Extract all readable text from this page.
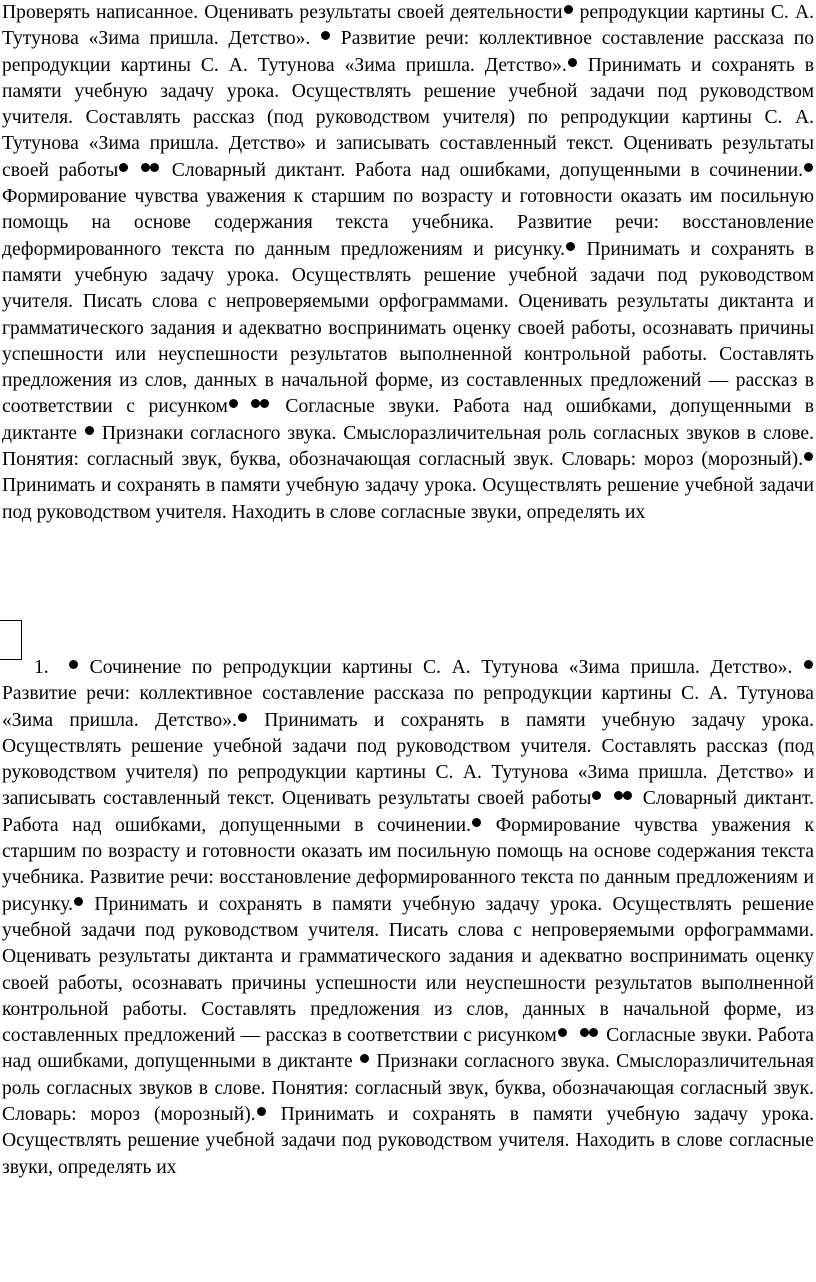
Проверять написанное. Оценивать результаты своей деятельности репродукции картины С. А. Тутунова «Зима пришла. Детство».  Развитие речи: коллективное составление рассказа по репродукции картины С. А. Тутунова «Зима пришла. Детство». Принимать и сохранять в памяти учебную задачу урока. Осуществлять решение учебной задачи под руководством учителя. Составлять рассказ (под руководством учителя) по репродукции картины С. А. Тутунова «Зима пришла. Детство» и записывать составленный текст. Оценивать результаты своей работы Словарный диктант. Работа над ошибками, допущенными в сочинении. Формирование чувства уважения к старшим по возрасту и готовности оказать им посильную помощь на основе содержания текста учебника. Развитие речи: восстановление деформированного текста по данным предложениям и рисунку. Принимать и сохранять в памяти учебную задачу урока. Осуществлять решение учебной задачи под руководством учителя. Писать слова с непроверяемыми орфограммами. Оценивать результаты диктанта и грамматического задания и адекватно воспринимать оценку своей работы, осознавать причины успешности или неуспешности результатов выполненной контрольной работы. Составлять предложения из слов, данных в начальной форме, из составленных предложений — рассказ в соответствии с рисунком Согласные звуки. Работа над ошибками, допущенными в диктанте  Признаки согласного звука. Смыслоразличительная роль согласных звуков в слове. Понятия: согласный звук, буква, обозначающая согласный звук. Словарь: мороз (морозный). Принимать и сохранять в памяти учебную задачу урока. Осуществлять решение учебной задачи под руководством учителя. Находить в слове согласные звуки, определять их

1. Сочинение по репродукции картины С. А. Тутунова «Зима пришла. Детство».  Развитие речи: коллективное составление рассказа по репродукции картины С. А. Тутунова «Зима пришла. Детство». Принимать и сохранять в памяти учебную задачу урока. Осуществлять решение учебной задачи под руководством учителя. Составлять рассказ (под руководством учителя) по репродукции картины С. А. Тутунова «Зима пришла. Детство» и записывать составленный текст. Оценивать результаты своей работы Словарный диктант. Работа над ошибками, допущенными в сочинении. Формирование чувства уважения к старшим по возрасту и готовности оказать им посильную помощь на основе содержания текста учебника. Развитие речи: восстановление деформированного текста по данным предложениям и рисунку. Принимать и сохранять в памяти учебную задачу урока. Осуществлять решение учебной задачи под руководством учителя. Писать слова с непроверяемыми орфограммами. Оценивать результаты диктанта и грамматического задания и адекватно воспринимать оценку своей работы, осознавать причины успешности или неуспешности результатов выполненной контрольной работы. Составлять предложения из слов, данных в начальной форме, из составленных предложений — рассказ в соответствии с рисунком Согласные звуки. Работа над ошибками, допущенными в диктанте  Признаки согласного звука. Смыслоразличительная роль согласных звуков в слове. Понятия: согласный звук, буква, обозначающая согласный звук. Словарь: мороз (морозный). Принимать и сохранять в памяти учебную задачу урока. Осуществлять решение учебной задачи под руководством учителя. Находить в слове согласные звуки, определять их
